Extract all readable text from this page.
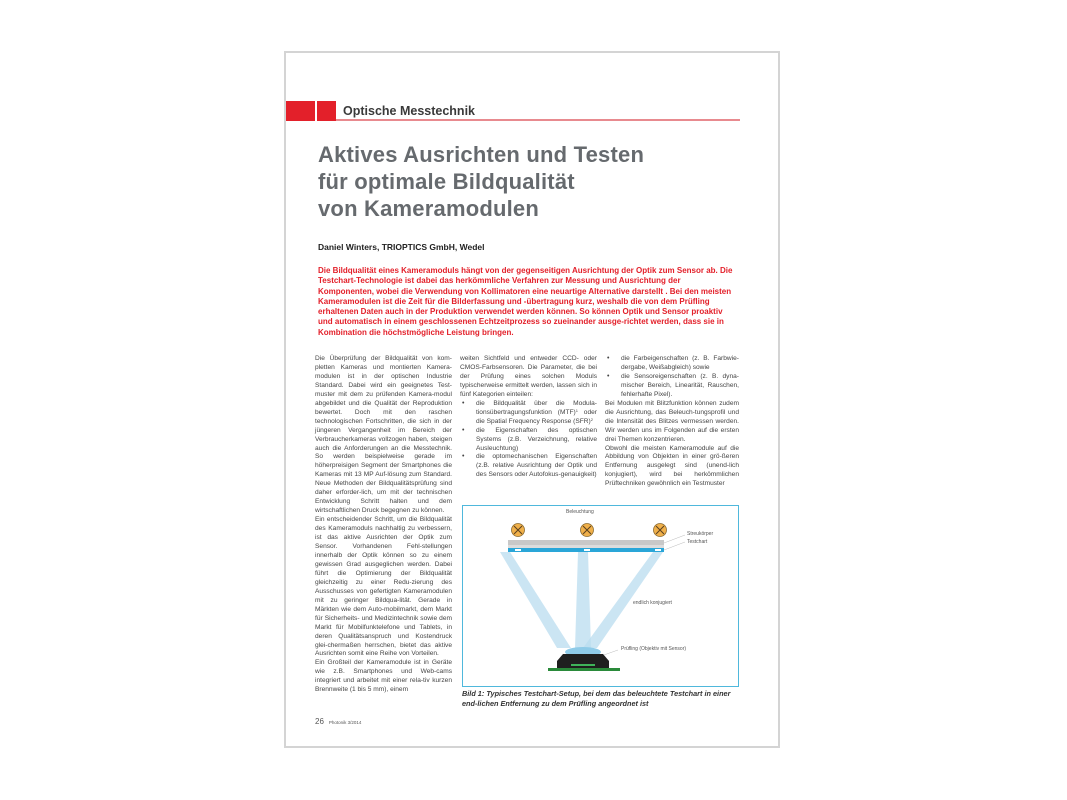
Optische Messtechnik
Aktives Ausrichten und Testen
für optimale Bildqualität
von Kameramodulen
Daniel Winters, TRIOPTICS GmbH, Wedel
Die Bildqualität eines Kameramoduls hängt von der gegenseitigen Ausrichtung der Optik zum Sensor ab. Die Testchart-Technologie ist dabei das herkömmliche Verfahren zur Messung und Ausrichtung der Komponenten, wobei die Verwendung von Kollimatoren eine neuartige Alternative darstellt . Bei den meisten Kameramodulen ist die Zeit für die Bilderfassung und -übertragung kurz, weshalb die von dem Prüfling erhaltenen Daten auch in der Produktion verwendet werden können. So können Optik und Sensor proaktiv und automatisch in einem geschlossenen Echtzeitprozess so zueinander ausge-richtet werden, dass sie in Kombination die höchstmögliche Leistung bringen.

Die Überprüfung der Bildqualität von kom-pletten Kameras und montierten Kamera-modulen ist in der optischen Industrie Standard. Dabei wird ein geeignetes Test-muster mit dem zu prüfenden Kamera-modul abgebildet und die Qualität der Reproduktion bewertet. Doch mit den raschen technologischen Fortschritten, die sich in der jüngeren Vergangenheit im Bereich der Verbraucherkameras vollzogen haben, steigen auch die Anforderungen an die Messtechnik. So werden beispielweise gerade im höherpreisigen Segment der Smartphones die Kameras mit 13 MP Auf-lösung zum Standard. Neue Methoden der Bildqualitätsprüfung sind daher erforder-lich, um mit der technischen Entwicklung Schritt halten und dem wirtschaftlichen Druck begegnen zu können.

Ein entscheidender Schritt, um die Bildqualität des Kameramoduls nachhaltig zu verbessern, ist das aktive Ausrichten der Optik zum Sensor. Vorhandenen Fehl-stellungen innerhalb der Optik können so zu einem gewissen Grad ausgeglichen werden. Dabei führt die Optimierung der Bildqualität gleichzeitig zu einer Redu-zierung des Ausschusses von gefertigten Kameramodulen mit zu geringer Bildqua-lität. Gerade in Märkten wie dem Auto-mobilmarkt, dem Markt für Sicherheits- und Medizintechnik sowie dem Markt für Mobilfunktelefone und Tablets, in deren Qualitätsanspruch und Kostendruck glei-chermaßen herrschen, bietet das aktive Ausrichten somit eine Reihe von Vorteilen.

Ein Großteil der Kameramodule ist in Geräte wie z.B. Smartphones und Web-cams integriert und arbeitet mit einer rela-tiv kurzen Brennweite (1 bis 5 mm), einem

weiten Sichtfeld und entweder CCD- oder CMOS-Farbsensoren. Die Parameter, die bei der Prüfung eines solchen Moduls typischerweise ermittelt werden, lassen sich in fünf Kategorien einteilen:

• die Bildqualität über die Modula-tionsübertragungsfunktion (MTF)$^1$ oder die Spatial Frequency Response (SFR)$^2$
• die Eigenschaften des optischen Systems (z.B. Verzeichnung, relative Ausleuchtung)
• die optomechanischen Eigenschaften (z.B. relative Ausrichtung der Optik und des Sensors oder Autofokus-genauigkeit)
• die Farbeigenschaften (z. B. Farbwie-dergabe, Weißabgleich) sowie
• die Sensoreigenschaften (z. B. dyna-mischer Bereich, Linearität, Rauschen, fehlerhafte Pixel).

Bei Modulen mit Blitzfunktion können zudem die Ausrichtung, das Beleuch-tungsprofil und die Intensität des Blitzes vermessen werden. Wir werden uns im Folgenden auf die ersten drei Themen konzentrieren.

Obwohl die meisten Kameramodule auf die Abbildung von Objekten in einer grö-ßeren Entfernung ausgelegt sind (unend-lich konjugiert), wird bei herkömmlichen Prüftechniken gewöhnlich ein Testmuster

Beleuchtung
Streukörper
Testchart
endlich konjugiert
Prüfling (Objektiv mit Sensor)
Bild 1: Typisches Testchart-Setup, bei dem das beleuchtete Testchart in einer end-lichen Entfernung zu dem Prüfling angeordnet ist
26 Photonik 3/2014
